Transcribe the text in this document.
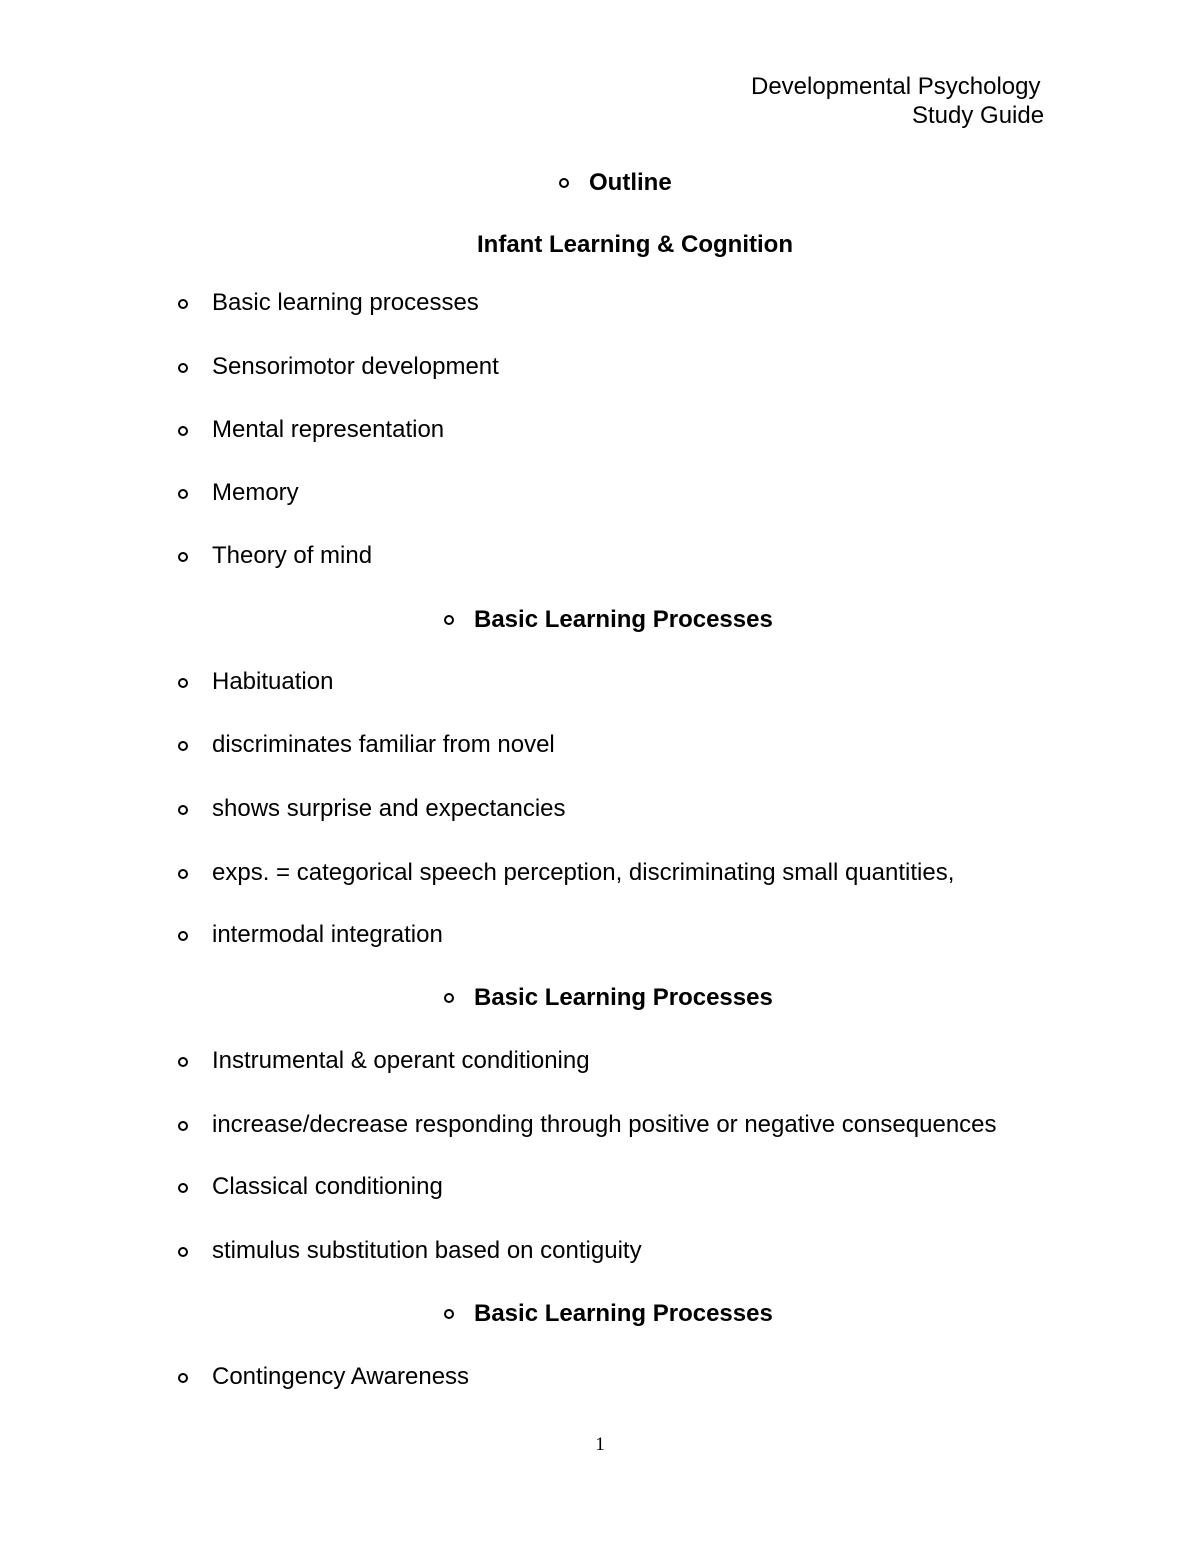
Developmental Psychology
Study Guide
Outline
Infant Learning & Cognition
Basic learning processes
Sensorimotor development
Mental representation
Memory
Theory of mind
Basic Learning Processes
Habituation
discriminates familiar from novel
shows surprise and expectancies
exps. = categorical speech perception, discriminating small quantities,
intermodal integration
Basic Learning Processes
Instrumental & operant conditioning
increase/decrease responding through positive or negative consequences
Classical conditioning
stimulus substitution based on contiguity
Basic Learning Processes
Contingency Awareness
1
